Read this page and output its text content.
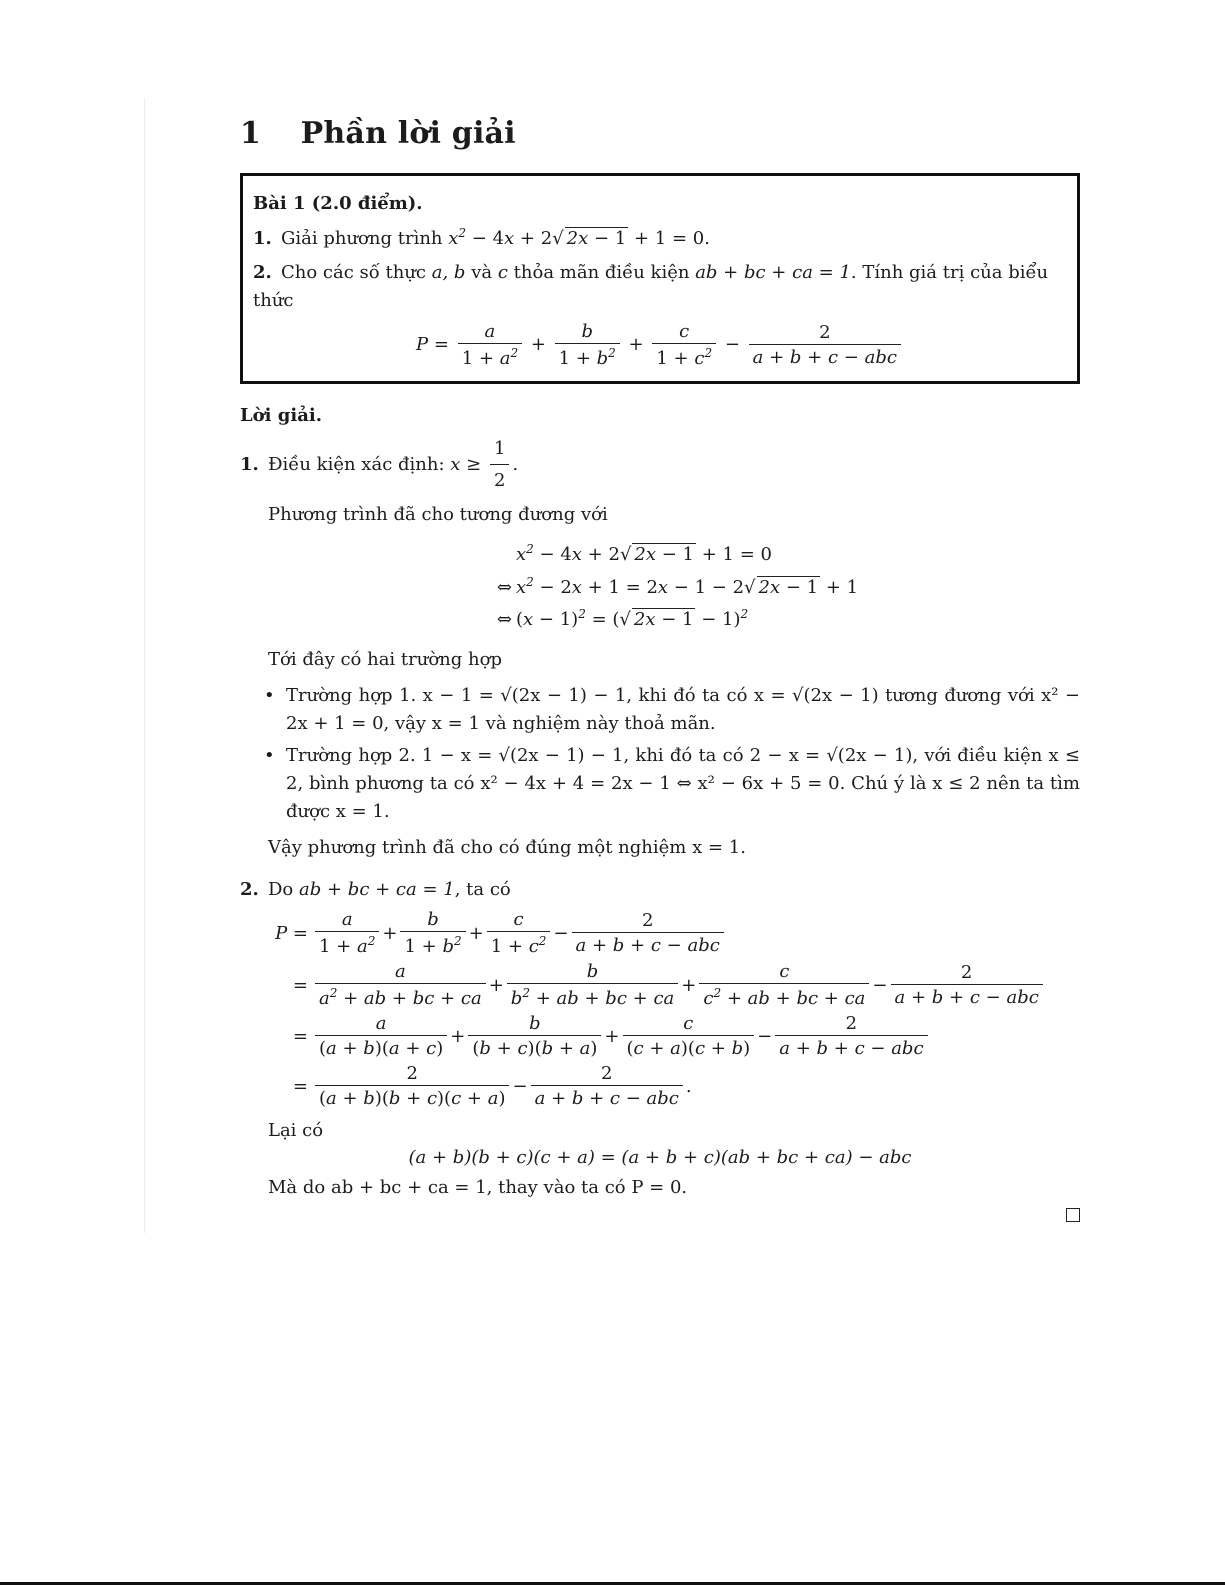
1 Phần lời giải
Bài 1 (2.0 điểm).
1. Giải phương trình $x^2 - 4x + 2√$ 2x − 1 + 1 = 0.
2. Cho các số thực a, b và c thỏa mãn điều kiện ab + bc + ca = 1. Tính giá trị của biểu thức
$P = \frac{a}{1 + a^2} + \frac{b}{1 + b^2} + \frac{c}{1 + c^2} - \frac{2}{\text{a + b + c − abc}}$
Lời giải.
1. Điều kiện xác định: $x \ge \frac{1}{2}$ .
Phương trình đã cho tương đương với
$x^2 - 4x + 2√$ 2x − 1 + 1 = 0
⇔ $x^2 - 2x + 1 = 2x - 1 - 2√$ 2x − 1 + 1
⇔ $(x - 1)^2$ = (√ 2x − 1 − 1)$^2$
Tới đây có hai trường hợp
• Trường hợp 1. x − 1 = √(2x − 1) − 1, khi đó ta có x = √(2x − 1) tương đương với x² − 2x + 1 = 0, vậy x = 1 và nghiệm này thoả mãn.
• Trường hợp 2. 1 − x = √(2x − 1) − 1, khi đó ta có 2 − x = √(2x − 1), với điều kiện x ≤ 2, bình phương ta có x² − 4x + 4 = 2x − 1 ⇔ x² − 6x + 5 = 0. Chú ý là x ≤ 2 nên ta tìm được x = 1.
Vậy phương trình đã cho có đúng một nghiệm x = 1.
2. Do ab + bc + ca = 1, ta có
$P = \frac{a}{1 + a^2} + \frac{b}{1 + b^2} + \frac{c}{1 + c^2} - \frac{2}{\text{a + b + c − abc}}$
= $\frac{a}{a^2 + ab + bc + ca} + \frac{b}{b^2 + ab + bc + ca} + \frac{c}{c^2 + ab + bc + ca} - \frac{2}{\text{a + b + c − abc}}$
= $\frac{a}{(a + b)(a + c)} + \frac{b}{(b + c)(b + a)} + \frac{c}{(c + a)(c + b)} - \frac{2}{\text{a + b + c − abc}}$
= $\frac{2}{(a + b)(b + c)(c + a)} - \frac{2}{\text{a + b + c − abc}}$ .
Lại có
(a + b)(b + c)(c + a) = (a + b + c)(ab + bc + ca) − abc
Mà do ab + bc + ca = 1, thay vào ta có P = 0.
